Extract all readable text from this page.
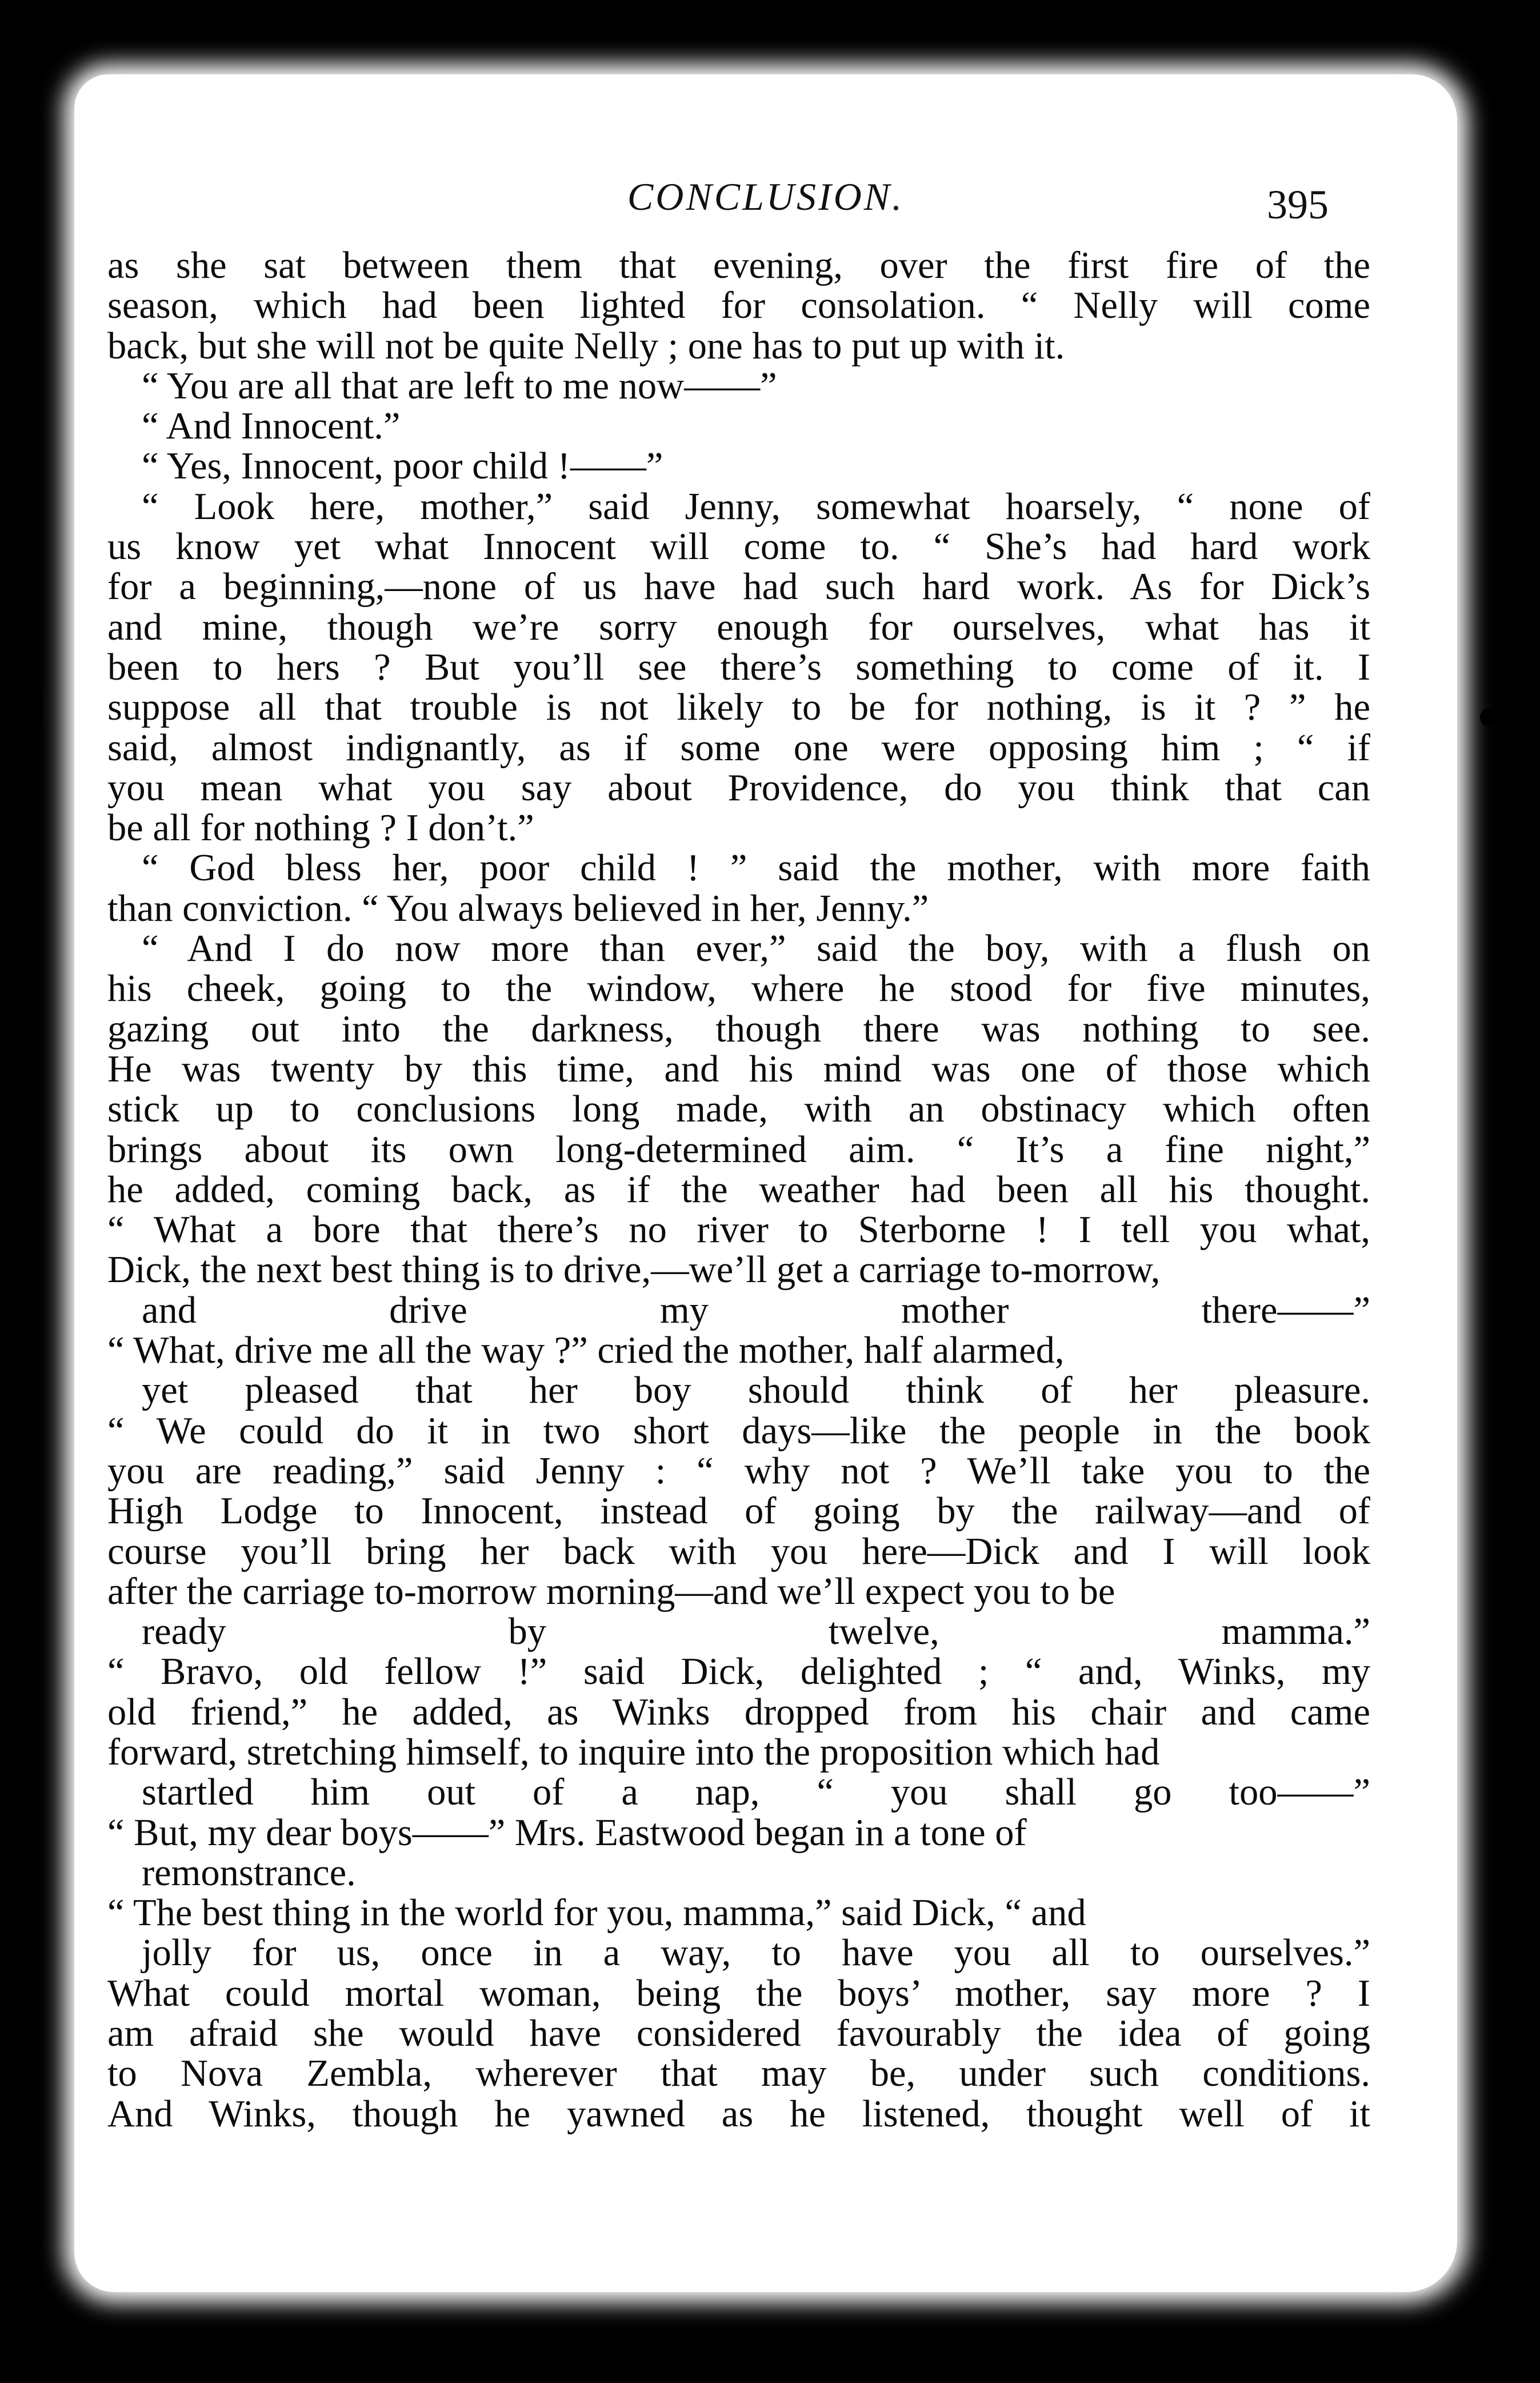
CONCLUSION.	395
as she sat between them that evening, over the first fire of the
season, which had been lighted for consolation. “ Nelly will come
back, but she will not be quite Nelly ; one has to put up with it.
“ You are all that are left to me now——”
“ And Innocent.”
“ Yes, Innocent, poor child !——”
“ Look here, mother,” said Jenny, somewhat hoarsely, “ none of
us know yet what Innocent will come to. “ She’s had hard work
for a beginning,—none of us have had such hard work. As for Dick’s
and mine, though we’re sorry enough for ourselves, what has it
been to hers ? But you’ll see there’s something to come of it. I
suppose all that trouble is not likely to be for nothing, is it ? ” he
said, almost indignantly, as if some one were opposing him ; “ if
you mean what you say about Providence, do you think that can
be all for nothing ? I don’t.”
“ God bless her, poor child ! ” said the mother, with more faith
than conviction. “ You always believed in her, Jenny.”
“ And I do now more than ever,” said the boy, with a flush on
his cheek, going to the window, where he stood for five minutes,
gazing out into the darkness, though there was nothing to see.
He was twenty by this time, and his mind was one of those which
stick up to conclusions long made, with an obstinacy which often
brings about its own long-determined aim. “ It’s a fine night,”
he added, coming back, as if the weather had been all his thought.
“ What a bore that there’s no river to Sterborne ! I tell you what,
Dick, the next best thing is to drive,—we’ll get a carriage to-morrow,
and drive my mother there——”
“ What, drive me all the way ?” cried the mother, half alarmed,
yet pleased that her boy should think of her pleasure.
“ We could do it in two short days—like the people in the book
you are reading,” said Jenny : “ why not ? We’ll take you to the
High Lodge to Innocent, instead of going by the railway—and of
course you’ll bring her back with you here—Dick and I will look
after the carriage to-morrow morning—and we’ll expect you to be
ready by twelve, mamma.”
“ Bravo, old fellow !” said Dick, delighted ; “ and, Winks, my
old friend,” he added, as Winks dropped from his chair and came
forward, stretching himself, to inquire into the proposition which had
startled him out of a nap, “ you shall go too——”
“ But, my dear boys——” Mrs. Eastwood began in a tone of
remonstrance.
“ The best thing in the world for you, mamma,” said Dick, “ and
jolly for us, once in a way, to have you all to ourselves.”
What could mortal woman, being the boys’ mother, say more ? I
am afraid she would have considered favourably the idea of going
to Nova Zembla, wherever that may be, under such conditions.
And Winks, though he yawned as he listened, thought well of it
